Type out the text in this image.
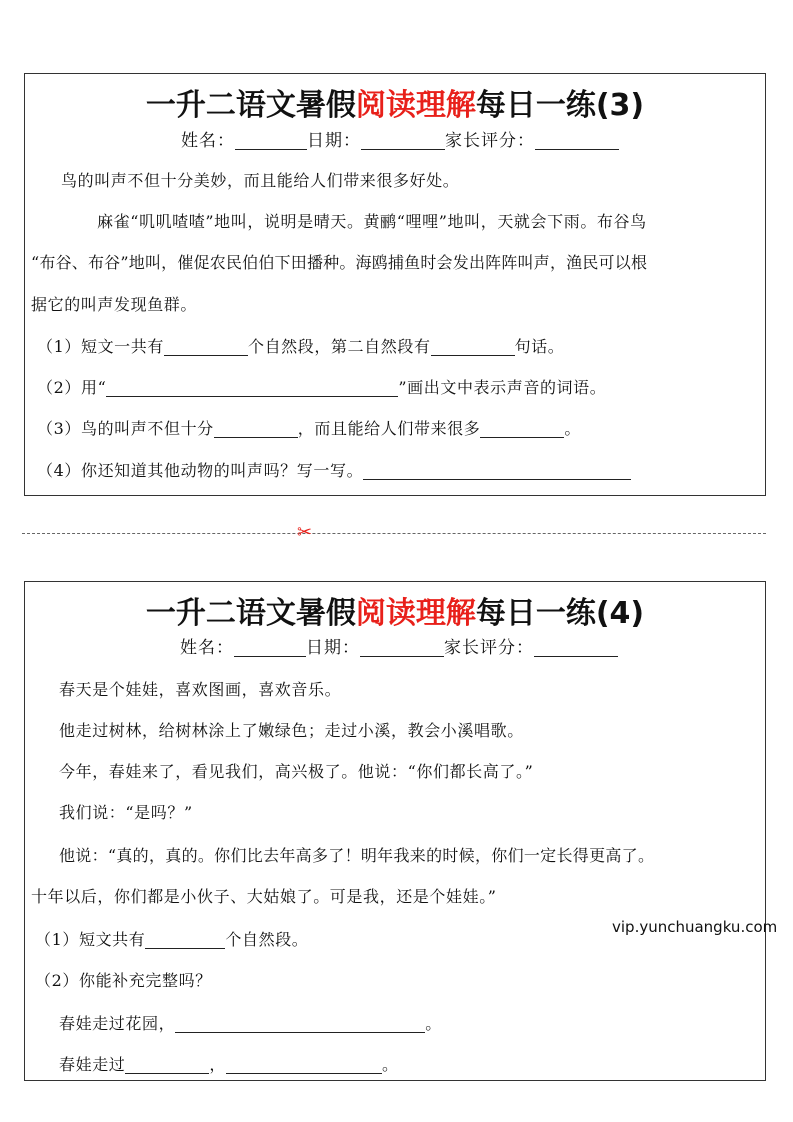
一升二语文暑假阅读理解每日一练(3)
姓名：	日期：	家长评分：
鸟的叫声不但十分美妙，而且能给人们带来很多好处。
麻雀“叽叽喳喳”地叫，说明是晴天。黄鹂“哩哩”地叫，天就会下雨。布谷鸟
“布谷、布谷”地叫，催促农民伯伯下田播种。海鸥捕鱼时会发出阵阵叫声，渔民可以根
据它的叫声发现鱼群。
（1）短文一共有	个自然段，第二自然段有	句话。
（2）用“	”画出文中表示声音的词语。
（3）鸟的叫声不但十分	，而且能给人们带来很多	。
（4）你还知道其他动物的叫声吗？写一写。
✂
一升二语文暑假阅读理解每日一练(4)
姓名：	日期：	家长评分：
春天是个娃娃，喜欢图画，喜欢音乐。
他走过树林，给树林涂上了嫩绿色；走过小溪，教会小溪唱歌。
今年，春娃来了，看见我们，高兴极了。他说：“你们都长高了。”
我们说：“是吗？”
他说：“真的，真的。你们比去年高多了！明年我来的时候，你们一定长得更高了。
十年以后，你们都是小伙子、大姑娘了。可是我，还是个娃娃。”
（1）短文共有	个自然段。
（2）你能补充完整吗？
春娃走过花园，	。
春娃走过	，	。
vip.yunchuangku.com
